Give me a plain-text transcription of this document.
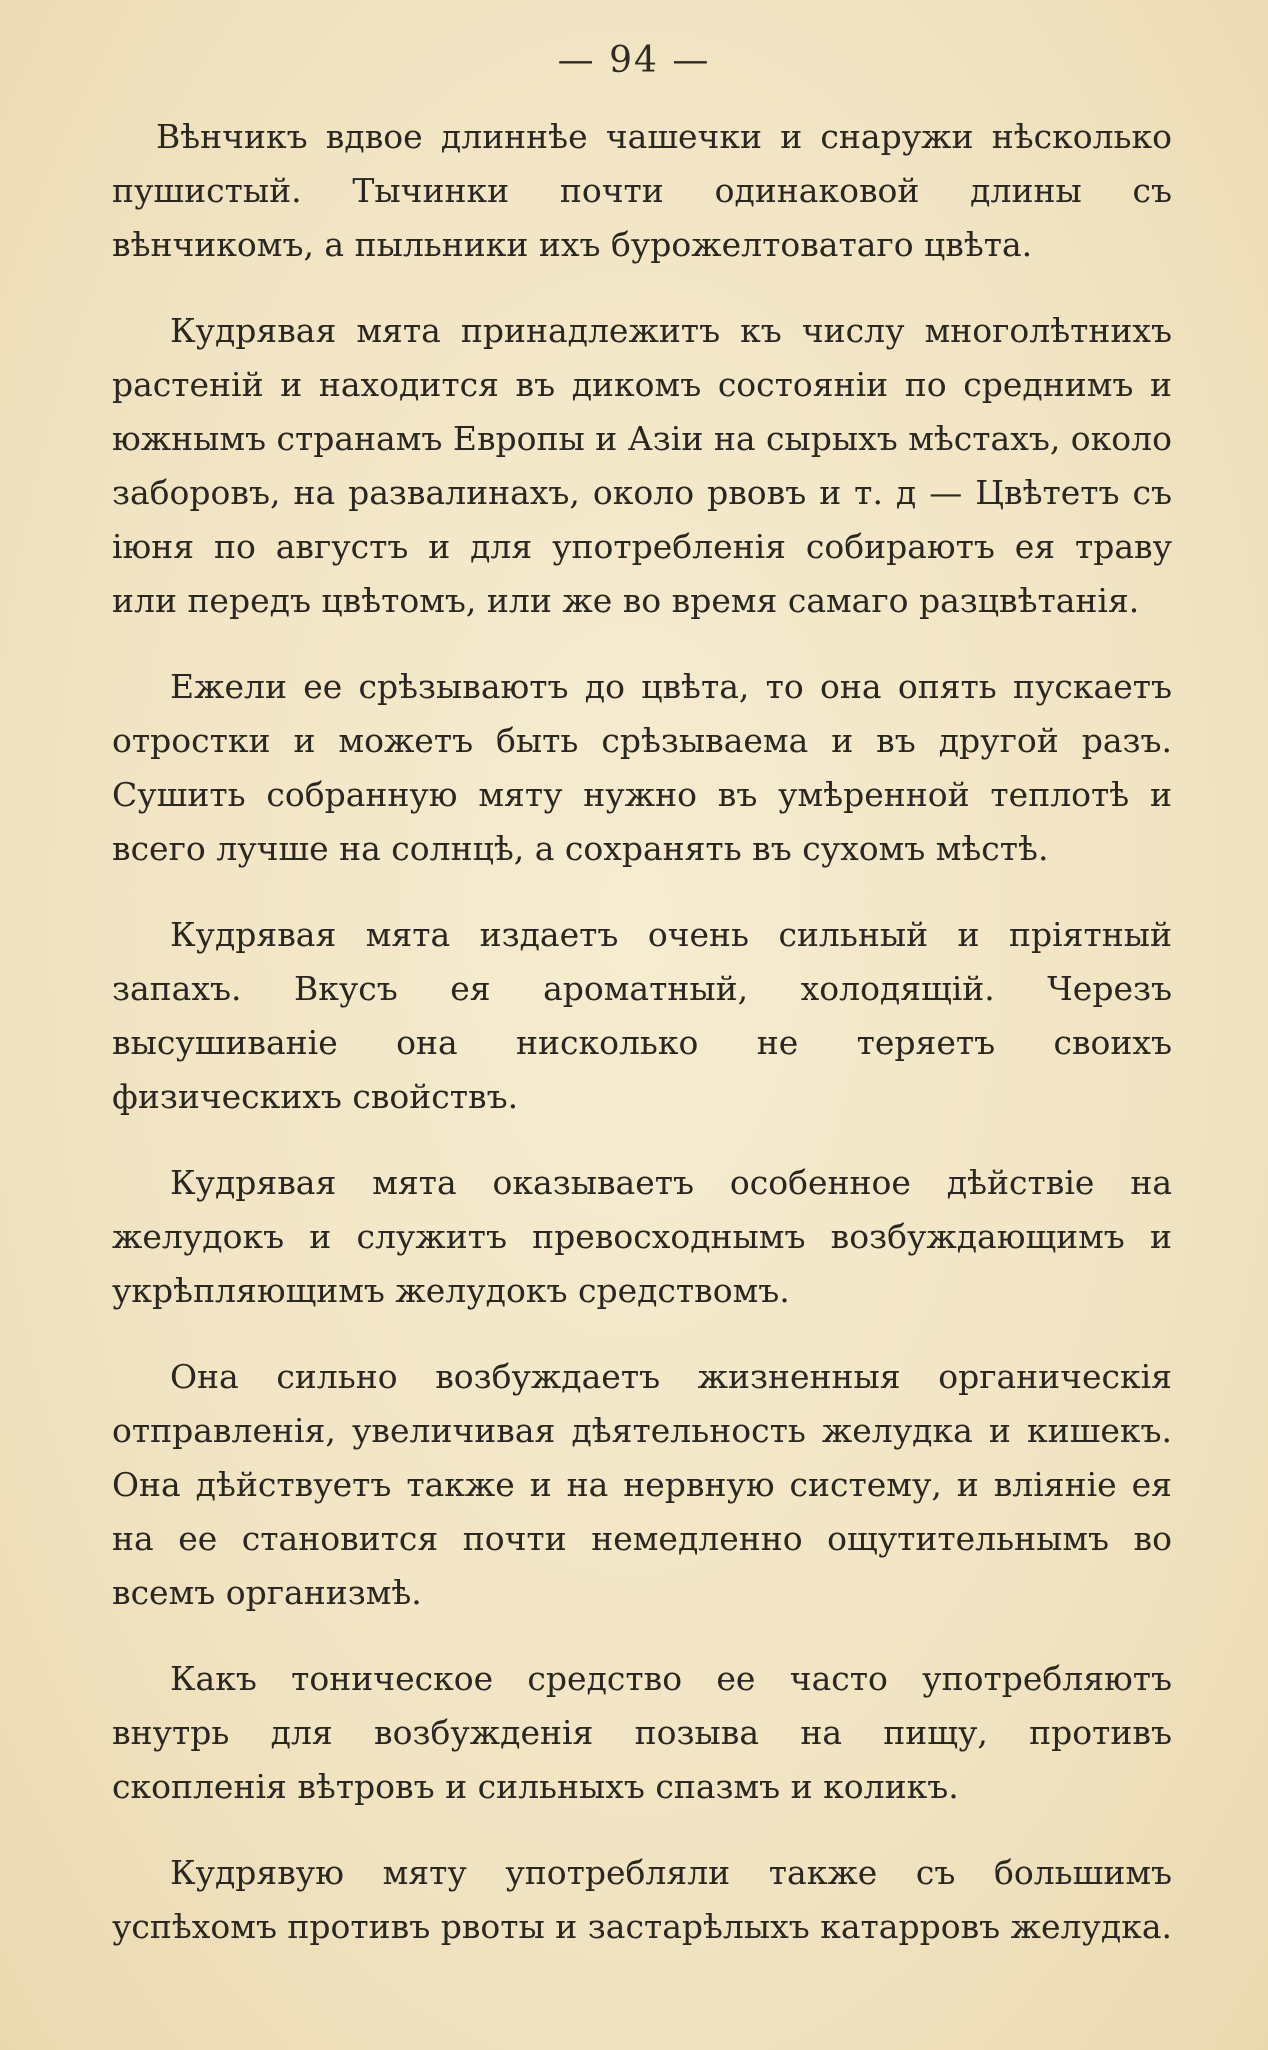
— 94 —

Вѣнчикъ вдвое длиннѣе чашечки и снаружи нѣсколько пушистый. Тычинки почти одинаковой длины съ вѣнчикомъ, а пыльники ихъ бурожелтоватаго цвѣта.

Кудрявая мята принадлежитъ къ числу многолѣтнихъ растеній и находится въ дикомъ состояніи по среднимъ и южнымъ странамъ Европы и Азіи на сырыхъ мѣстахъ, около заборовъ, на развалинахъ, около рвовъ и т. д — Цвѣтетъ съ іюня по августъ и для употребленія собираютъ ея траву или передъ цвѣтомъ, или же во время самаго разцвѣтанія.

Ежели ее срѣзываютъ до цвѣта, то она опять пускаетъ отростки и можетъ быть срѣзываема и въ другой разъ. Сушить собранную мяту нужно въ умѣренной теплотѣ и всего лучше на солнцѣ, а сохранять въ сухомъ мѣстѣ.

Кудрявая мята издаетъ очень сильный и пріятный запахъ. Вкусъ ея ароматный, холодящій. Черезъ высушиваніе она нисколько не теряетъ своихъ физическихъ свойствъ.

Кудрявая мята оказываетъ особенное дѣйствіе на желудокъ и служитъ превосходнымъ возбуждающимъ и укрѣпляющимъ желудокъ средствомъ.

Она сильно возбуждаетъ жизненныя органическія отправленія, увеличивая дѣятельность желудка и кишекъ. Она дѣйствуетъ также и на нервную систему, и вліяніе ея на ее становится почти немедленно ощутительнымъ во всемъ организмѣ.

Какъ тоническое средство ее часто употребляютъ внутрь для возбужденія позыва на пищу, противъ скопленія вѣтровъ и сильныхъ спазмъ и коликъ.

Кудрявую мяту употребляли также съ большимъ успѣхомъ противъ рвоты и застарѣлыхъ катарровъ желудка.
